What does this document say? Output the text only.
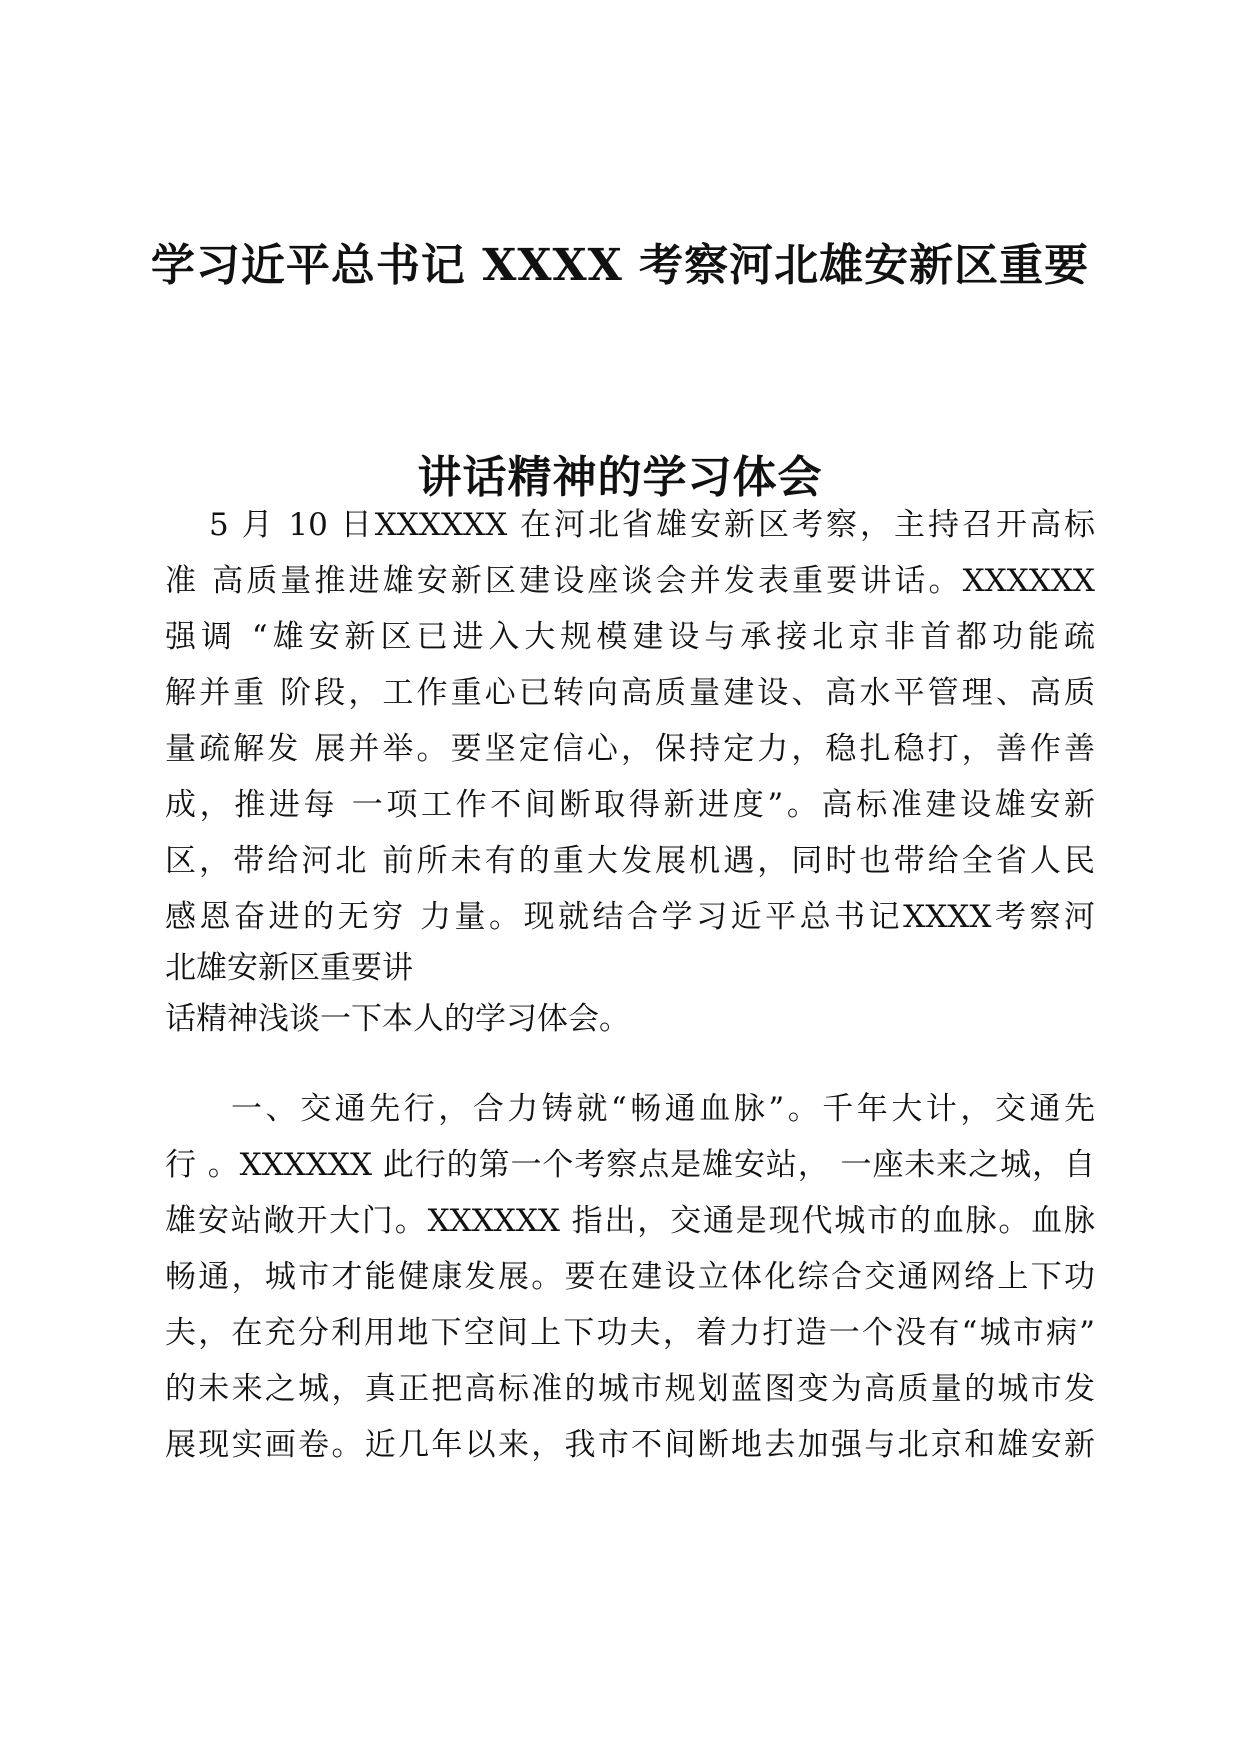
学习近平总书记 XXXX 考察河北雄安新区重要
讲话精神的学习体会
5 月 10 日XXXXXX 在河北省雄安新区考察，主持召开高标
准 高质量推进雄安新区建设座谈会并发表重要讲话。XXXXXX
强调 “雄安新区已进入大规模建设与承接北京非首都功能疏
解并重 阶段，工作重心已转向高质量建设、高水平管理、高质
量疏解发 展并举。要坚定信心，保持定力，稳扎稳打，善作善
成，推进每 一项工作不间断取得新进度”。高标准建设雄安新
区，带给河北 前所未有的重大发展机遇，同时也带给全省人民
感恩奋进的无穷 力量。现就结合学习近平总书记XXXX考察河
北雄安新区重要讲
话精神浅谈一下本人的学习体会。
一、交通先行，合力铸就“畅通血脉”。千年大计，交通先
行 。XXXXXX 此行的第一个考察点是雄安站， 一座未来之城，自
雄安站敞开大门。XXXXXX 指出，交通是现代城市的血脉。血脉
畅通，城市才能健康发展。要在建设立体化综合交通网络上下功
夫，在充分利用地下空间上下功夫，着力打造一个没有“城市病”
的未来之城，真正把高标准的城市规划蓝图变为高质量的城市发
展现实画卷。近几年以来，我市不间断地去加强与北京和雄安新
